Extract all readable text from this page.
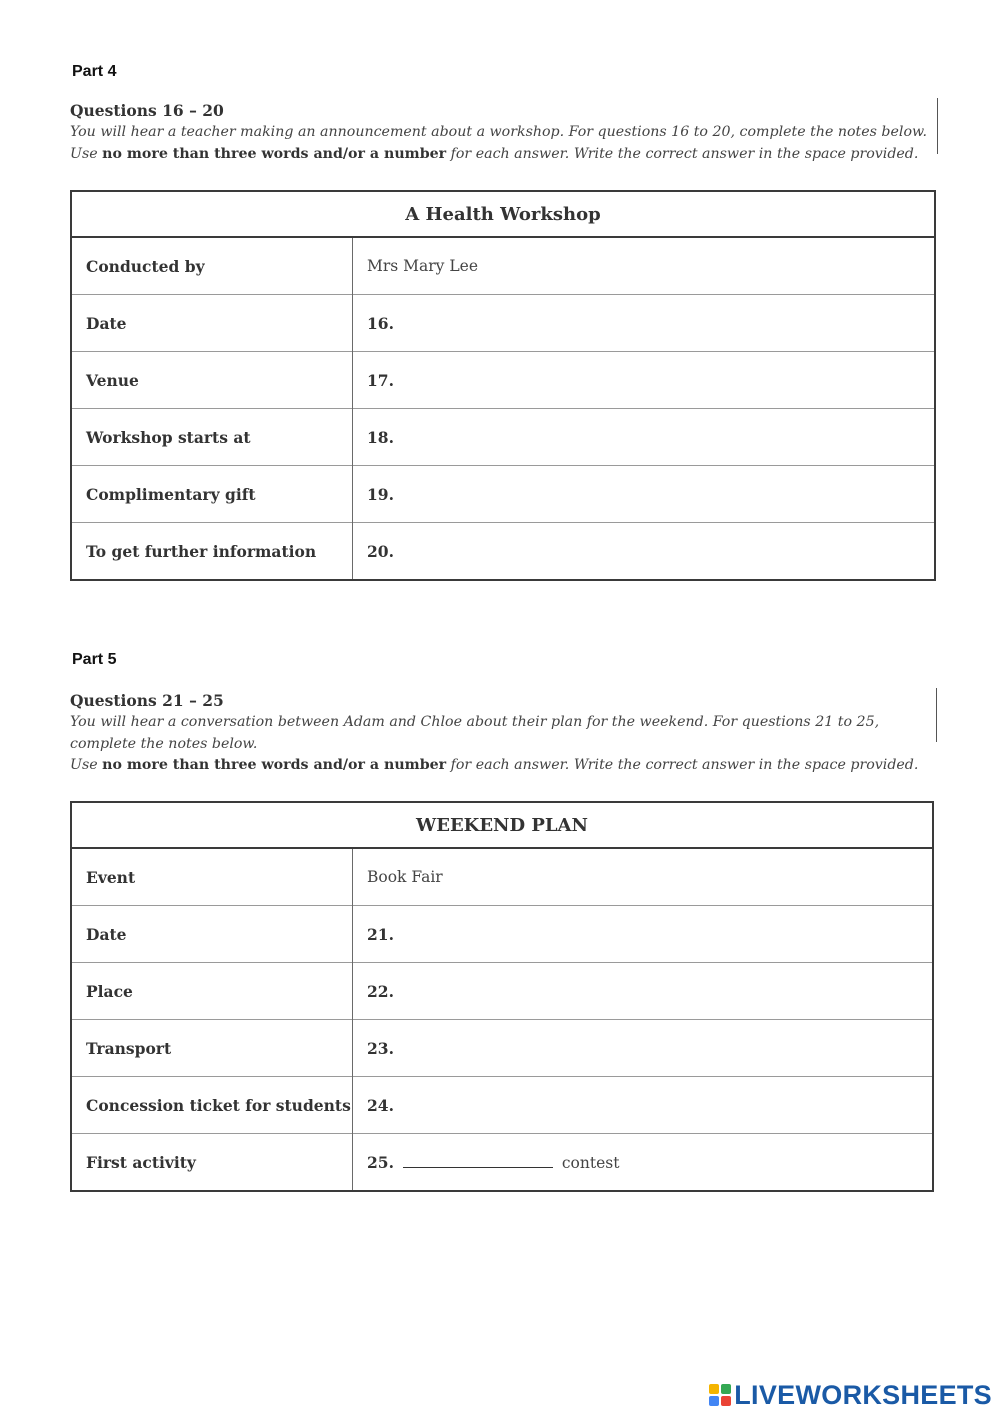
Part 4
Questions 16 – 20
You will hear a teacher making an announcement about a workshop. For questions 16 to 20, complete the notes below.
Use no more than three words and/or a number for each answer. Write the correct answer in the space provided.
A Health Workshop	
Conducted by	Mrs Mary Lee
Date	16.
Venue	17.
Workshop starts at	18.
Complimentary gift	19.
To get further information	20.
Part 5
Questions 21 – 25
You will hear a conversation between Adam and Chloe about their plan for the weekend. For questions 21 to 25,
complete the notes below.
Use no more than three words and/or a number for each answer. Write the correct answer in the space provided.
WEEKEND PLAN	
Event	Book Fair
Date	21.
Place	22.
Transport	23.
Concession ticket for students	24.
First activity	25. contest
LIVEWORKSHEETS
